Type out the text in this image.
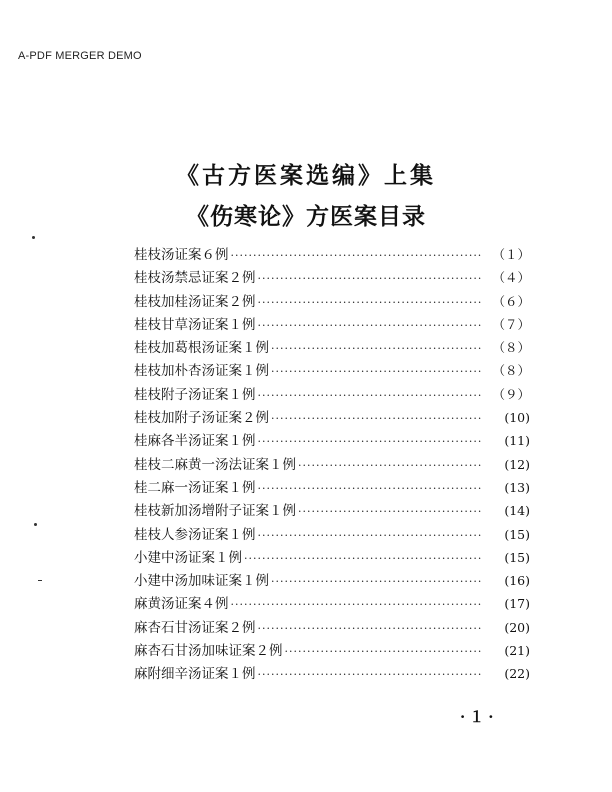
A-PDF MERGER DEMO
《古方医案选编》上集
《伤寒论》方医案目录
桂枝汤证案６例 ·····	（１）
桂枝汤禁忌证案２例 ·····	（４）
桂枝加桂汤证案２例 ·····	（６）
桂枝甘草汤证案１例 ·····	（７）
桂枝加葛根汤证案１例 ·····	（８）
桂枝加朴杏汤证案１例 ·····	（８）
桂枝附子汤证案１例 ·····	（９）
桂枝加附子汤证案２例 ·····	(10)
桂麻各半汤证案１例 ·····	(11)
桂枝二麻黄一汤法证案１例 ·····	(12)
桂二麻一汤证案１例 ·····	(13)
桂枝新加汤增附子证案１例 ·····	(14)
桂枝人参汤证案１例 ·····	(15)
小建中汤证案１例 ·····	(15)
小建中汤加味证案１例 ·····	(16)
麻黄汤证案４例 ·····	(17)
麻杏石甘汤证案２例 ·····	(20)
麻杏石甘汤加味证案２例 ·····	(21)
麻附细辛汤证案１例 ·····	(22)
·１·
